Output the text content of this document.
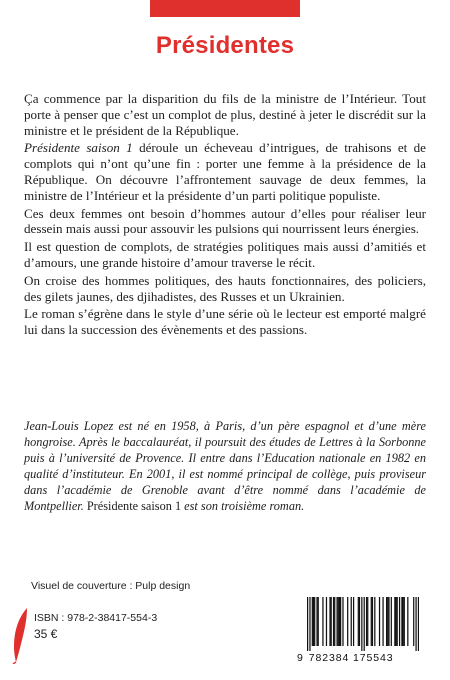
Présidentes

Ça commence par la disparition du fils de la ministre de l’Intérieur. Tout porte à penser que c’est un complot de plus, destiné à jeter le discrédit sur la ministre et le président de la République.

Présidente saison 1 déroule un écheveau d’intrigues, de trahisons et de complots qui n’ont qu’une fin : porter une femme à la présidence de la République. On découvre l’affrontement sauvage de deux femmes, la ministre de l’Intérieur et la présidente d’un parti politique populiste.

Ces deux femmes ont besoin d’hommes autour d’elles pour réaliser leur dessein mais aussi pour assouvir les pulsions qui nourrissent leurs énergies.

Il est question de complots, de stratégies politiques mais aussi d’amitiés et d’amours, une grande histoire d’amour traverse le récit.

On croise des hommes politiques, des hauts fonctionnaires, des policiers, des gilets jaunes, des djihadistes, des Russes et un Ukrainien.

Le roman s’égrène dans le style d’une série où le lecteur est emporté malgré lui dans la succession des évènements et des passions.

Jean-Louis Lopez est né en 1958, à Paris, d’un père espagnol et d’une mère hongroise. Après le baccalauréat, il poursuit des études de Lettres à la Sorbonne puis à l’université de Provence. Il entre dans l’Education nationale en 1982 en qualité d’instituteur. En 2001, il est nommé principal de collège, puis proviseur dans l’académie de Grenoble avant d’être nommé dans l’académie de Montpellier. Présidente saison 1 est son troisième roman.

Visuel de couverture : Pulp design
ISBN : 978-2-38417-554-3
35 €
9 782384 175543
